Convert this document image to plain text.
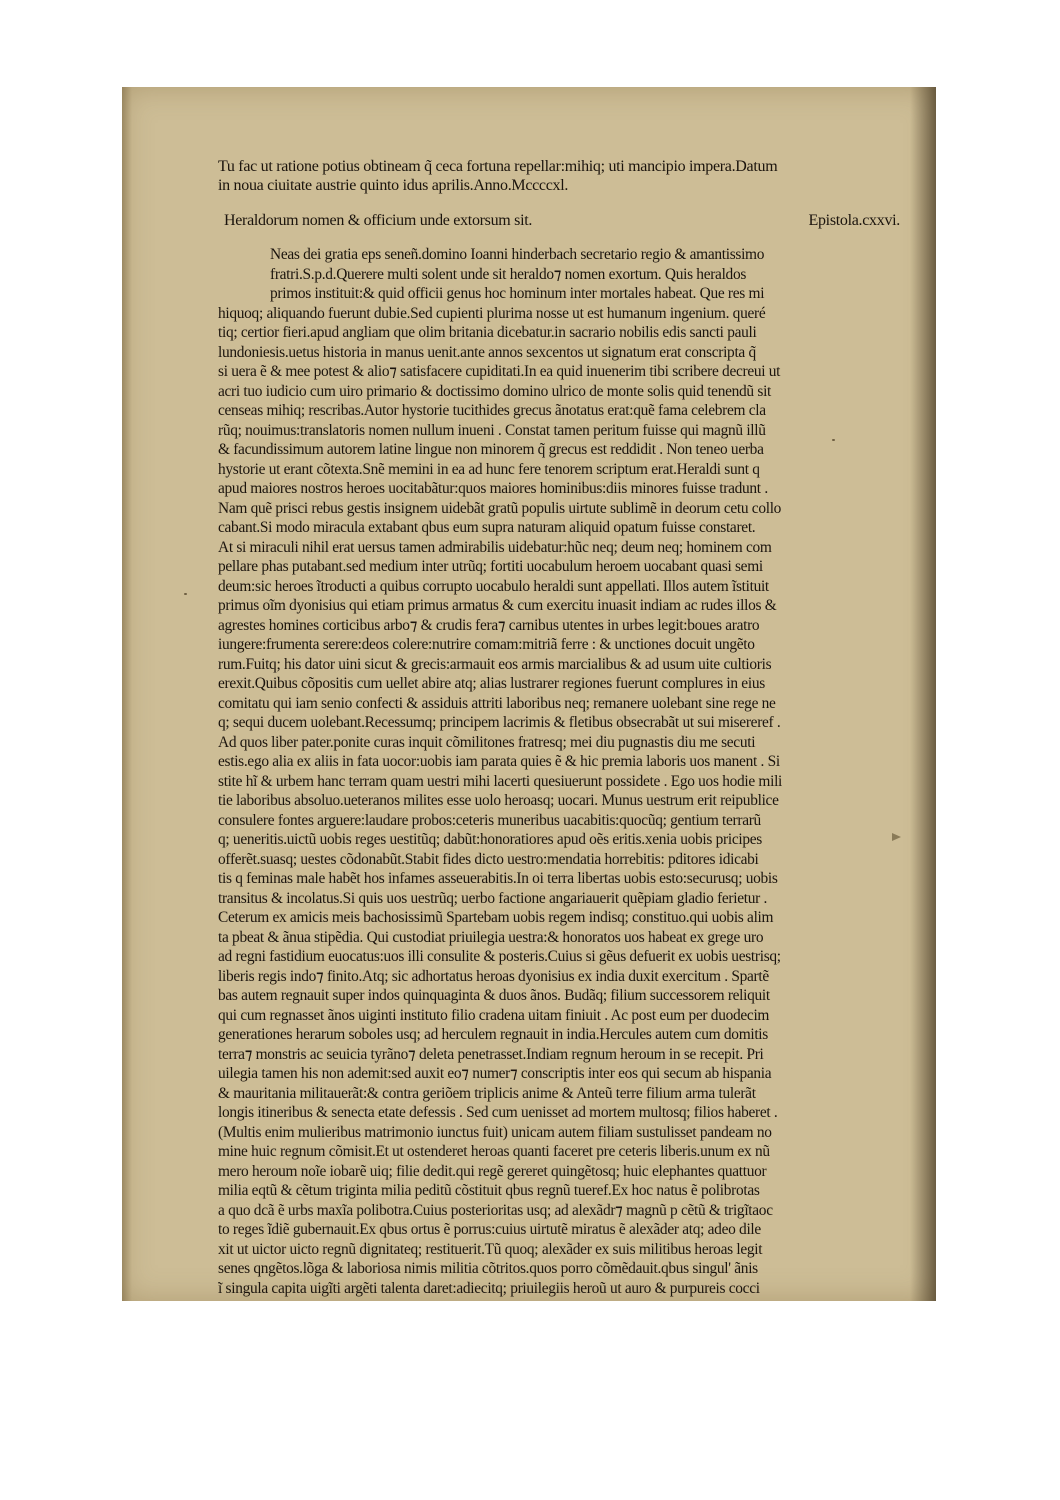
Tu fac ut ratione potius obtineam q̃ ceca fortuna repellar:mihiq; uti mancipio impera.Datum
in noua ciuitate austrie quinto idus aprilis.Anno.Mccccxl.
Heraldorum nomen & officium unde extorsum sit.	Epistola.cxxvi.
Neas dei gratia eps seneñ.domino Ioanni hinderbach secretario regio & amantissimo
fratri.S.p.d.Querere multi solent unde sit heraldo⁊ nomen exortum. Quis heraldos
primos instituit:& quid officii genus hoc hominum inter mortales habeat. Que res mi
hiquoq; aliquando fuerunt dubie.Sed cupienti plurima nosse ut est humanum ingenium. queré
tiq; certior fieri.apud angliam que olim britania dicebatur.in sacrario nobilis edis sancti pauli
lundoniesis.uetus historia in manus uenit.ante annos sexcentos ut signatum erat conscripta q̃
si uera ẽ & mee potest & alio⁊ satisfacere cupiditati.In ea quid inuenerim tibi scribere decreui ut
acri tuo iudicio cum uiro primario & doctissimo domino ulrico de monte solis quid tenendũ sit
censeas mihiq; rescribas.Autor hystorie tucithides grecus ãnotatus erat:quẽ fama celebrem cla
rũq; nouimus:translatoris nomen nullum inueni . Constat tamen peritum fuisse qui magnũ illũ
& facundissimum autorem latine lingue non minorem q̃ grecus est reddidit . Non teneo uerba
hystorie ut erant cõtexta.Snẽ memini in ea ad hunc fere tenorem scriptum erat.Heraldi sunt q
apud maiores nostros heroes uocitabãtur:quos maiores hominibus:diis minores fuisse tradunt .
Nam quẽ prisci rebus gestis insignem uidebãt gratũ populis uirtute sublimẽ in deorum cetu collo
cabant.Si modo miracula extabant qbus eum supra naturam aliquid opatum fuisse constaret.
At si miraculi nihil erat uersus tamen admirabilis uidebatur:hũc neq; deum neq; hominem com
pellare phas putabant.sed medium inter utrũq; fortiti uocabulum heroem uocabant quasi semi
deum:sic heroes ĩtroducti a quibus corrupto uocabulo heraldi sunt appellati. Illos autem ĩstituit
primus oĩm dyonisius qui etiam primus armatus & cum exercitu inuasit indiam ac rudes illos &
agrestes homines corticibus arbo⁊ & crudis fera⁊ carnibus utentes in urbes legit:boues aratro
iungere:frumenta serere:deos colere:nutrire comam:mitriã ferre : & unctiones docuit ungẽto
rum.Fuitq; his dator uini sicut & grecis:armauit eos armis marcialibus & ad usum uite cultioris
erexit.Quibus cõpositis cum uellet abire atq; alias lustrarer regiones fuerunt complures in eius
comitatu qui iam senio confecti & assiduis attriti laboribus neq; remanere uolebant sine rege ne
q; sequi ducem uolebant.Recessumq; principem lacrimis & fletibus obsecrabãt ut sui misereref .
Ad quos liber pater.ponite curas inquit cõmilitones fratresq; mei diu pugnastis diu me secuti
estis.ego alia ex aliis in fata uocor:uobis iam parata quies ẽ & hic premia laboris uos manent . Si
stite hĩ & urbem hanc terram quam uestri mihi lacerti quesiuerunt possidete . Ego uos hodie mili
tie laboribus absoluo.ueteranos milites esse uolo heroasq; uocari. Munus uestrum erit reipublice
consulere fontes arguere:laudare probos:ceteris muneribus uacabitis:quocũq; gentium terrarũ
q; ueneritis.uictũ uobis reges uestitũq; dabũt:honoratiores apud oẽs eritis.xenia uobis pricipes
offerẽt.suasq; uestes cõdonabũt.Stabit fides dicto uestro:mendatia horrebitis: pditores idicabi
tis q feminas male habẽt hos infames asseuerabitis.In oi terra libertas uobis esto:securusq; uobis
transitus & incolatus.Si quis uos uestrũq; uerbo factione angariauerit quẽpiam gladio ferietur .
Ceterum ex amicis meis bachosissimũ Spartebam uobis regem indisq; constituo.qui uobis alim
ta pbeat & ãnua stipẽdia. Qui custodiat priuilegia uestra:& honoratos uos habeat ex grege uro
ad regni fastidium euocatus:uos illi consulite & posteris.Cuius si gẽus defuerit ex uobis uestrisq;
liberis regis indo⁊ finito.Atq; sic adhortatus heroas dyonisius ex india duxit exercitum . Spartẽ
bas autem regnauit super indos quinquaginta & duos ãnos. Budãq; filium successorem reliquit
qui cum regnasset ãnos uiginti instituto filio cradena uitam finiuit . Ac post eum per duodecim
generationes herarum soboles usq; ad herculem regnauit in india.Hercules autem cum domitis
terra⁊ monstris ac seuicia tyrãno⁊ deleta penetrasset.Indiam regnum heroum in se recepit. Pri
uilegia tamen his non ademit:sed auxit eo⁊ numer⁊ conscriptis inter eos qui secum ab hispania
& mauritania militauerãt:& contra geriõem triplicis anime & Anteũ terre filium arma tulerãt
longis itineribus & senecta etate defessis . Sed cum uenisset ad mortem multosq; filios haberet .
(Multis enim mulieribus matrimonio iunctus fuit) unicam autem filiam sustulisset pandeam no
mine huic regnum cõmisit.Et ut ostenderet heroas quanti faceret pre ceteris liberis.unum ex nũ
mero heroum noĩe iobarẽ uiq; filie dedit.qui regẽ gereret quingẽtosq; huic elephantes quattuor
milia eqtũ & cẽtum triginta milia peditũ cõstituit qbus regnũ tueref.Ex hoc natus ẽ polibrotas
a quo dcã ẽ urbs maxĩa polibotra.Cuius posterioritas usq; ad alexãdr⁊ magnũ p cẽtũ & trigĩtaoc
to reges ĩdiẽ gubernauit.Ex qbus ortus ẽ porrus:cuius uirtutẽ miratus ẽ alexãder atq; adeo dile
xit ut uictor uicto regnũ dignitateq; restituerit.Tũ quoq; alexãder ex suis militibus heroas legit
senes qngẽtos.lõga & laboriosa nimis militia cõtritos.quos porro cõmẽdauit.qbus singul' ãnis
ĩ singula capita uigĩti argẽti talenta daret:adiecitq; priuilegiis heroũ ut auro & purpureis cocci
